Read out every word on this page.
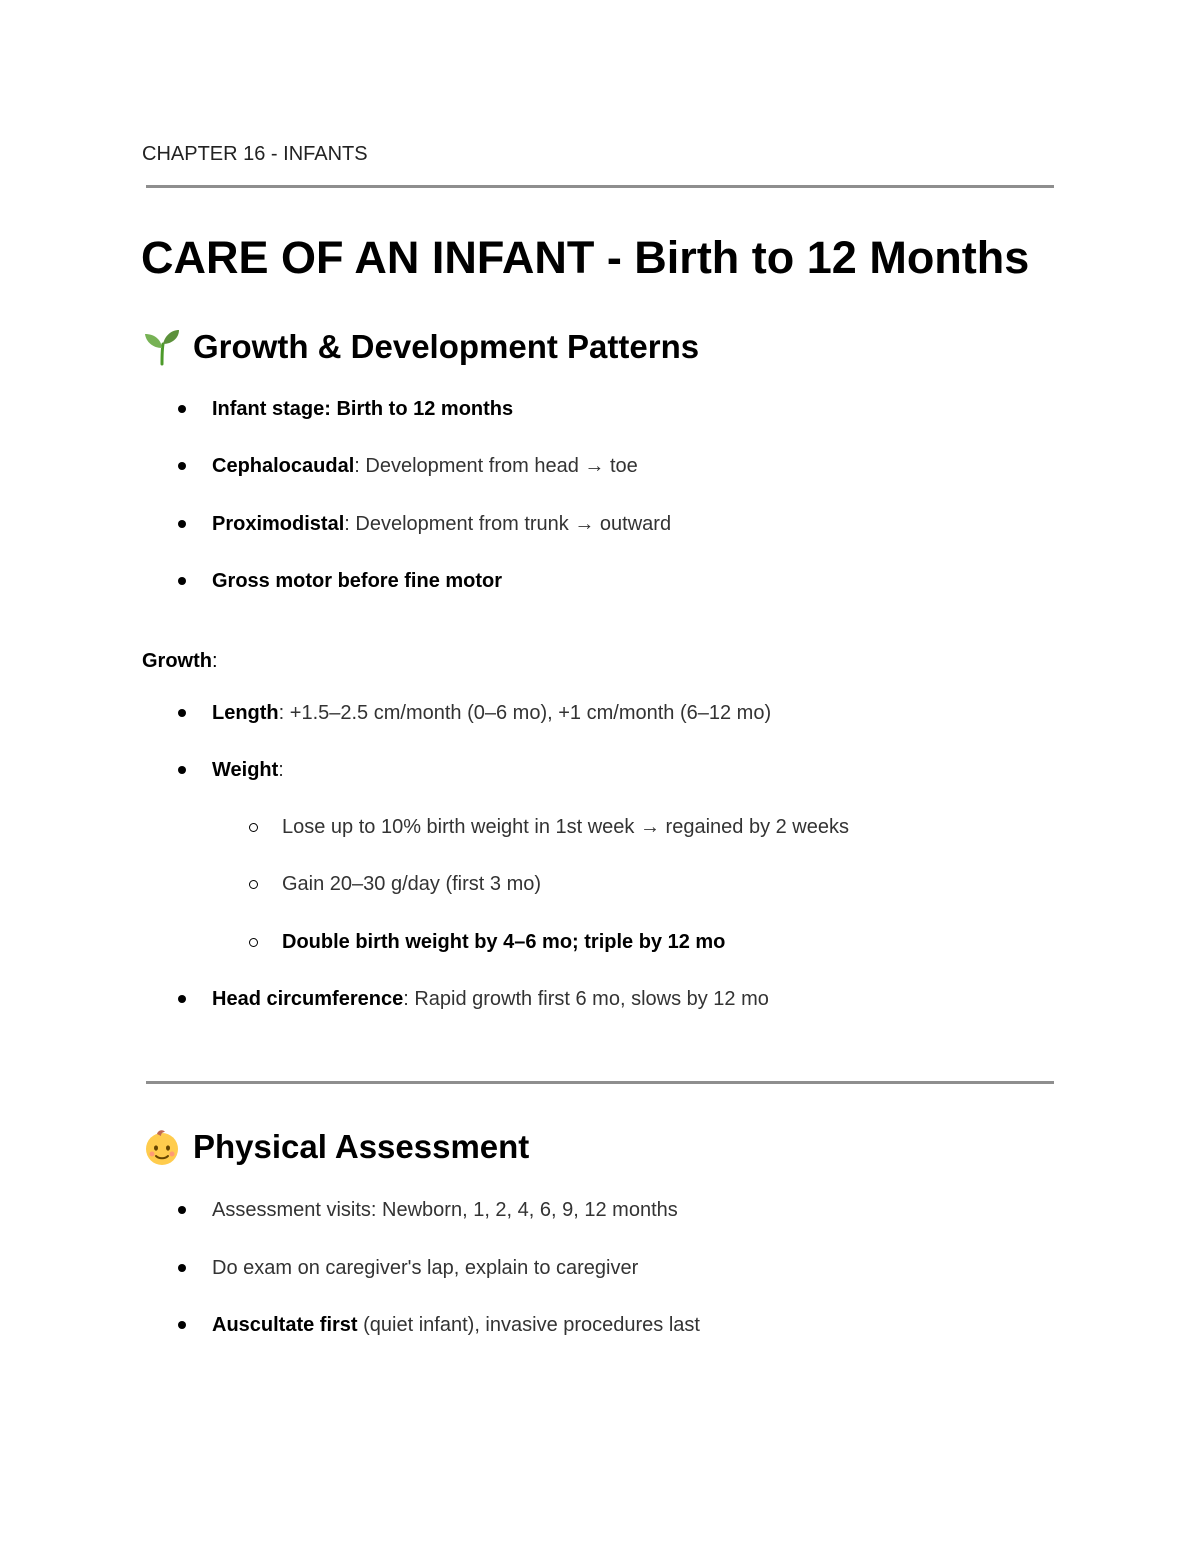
CHAPTER 16 - INFANTS
CARE OF AN INFANT - Birth to 12 Months
Growth & Development Patterns
Infant stage: Birth to 12 months
Cephalocaudal: Development from head → toe
Proximodistal: Development from trunk → outward
Gross motor before fine motor
Growth:
Length: +1.5–2.5 cm/month (0–6 mo), +1 cm/month (6–12 mo)
Weight:
Lose up to 10% birth weight in 1st week → regained by 2 weeks
Gain 20–30 g/day (first 3 mo)
Double birth weight by 4–6 mo; triple by 12 mo
Head circumference: Rapid growth first 6 mo, slows by 12 mo
Physical Assessment
Assessment visits: Newborn, 1, 2, 4, 6, 9, 12 months
Do exam on caregiver's lap, explain to caregiver
Auscultate first (quiet infant), invasive procedures last
